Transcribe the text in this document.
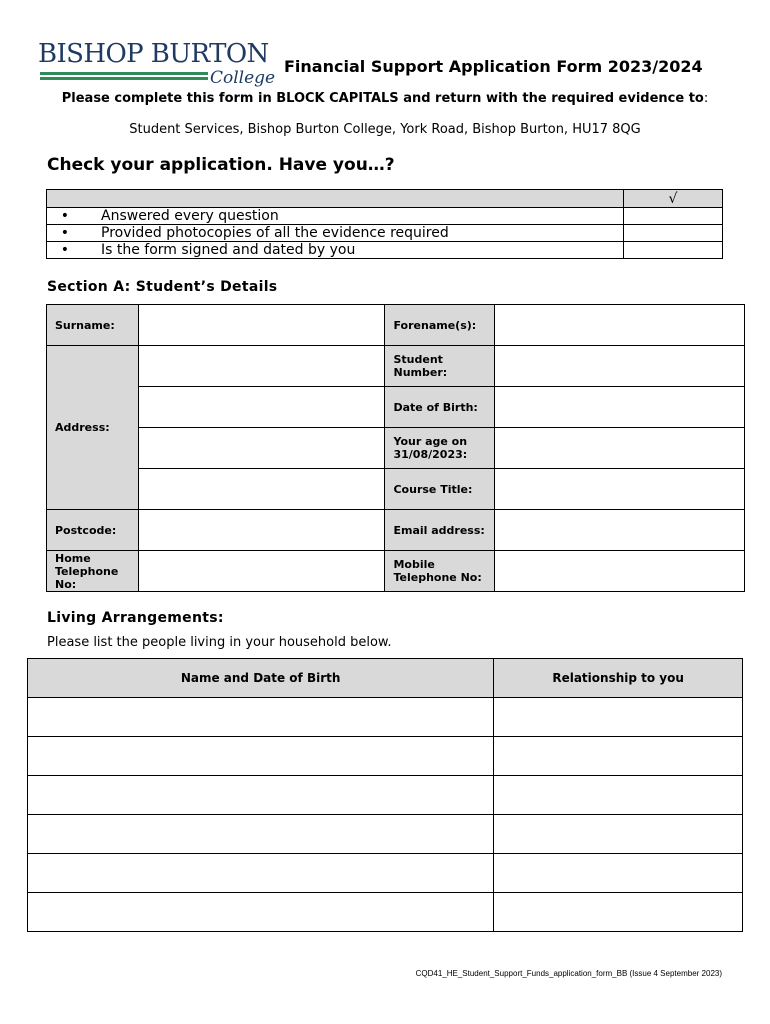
BISHOP BURTON
College
Financial Support Application Form 2023/2024
Please complete this form in BLOCK CAPITALS and return with the required evidence to:
Student Services, Bishop Burton College, York Road, Bishop Burton, HU17 8QG
Check your application. Have you…?
	√
• Answered every question	
• Provided photocopies of all the evidence required	
• Is the form signed and dated by you	
Section A: Student’s Details
Surname:		Forename(s):	
Address:		Student Number:	
		Date of Birth:	
		Your age on 31/08/2023:	
		Course Title:	
Postcode:		Email address:	
Home Telephone No:		Mobile Telephone No:	
Living Arrangements:
Please list the people living in your household below.
Name and Date of Birth	Relationship to you

CQD41_HE_Student_Support_Funds_application_form_BB (Issue 4 September 2023)
